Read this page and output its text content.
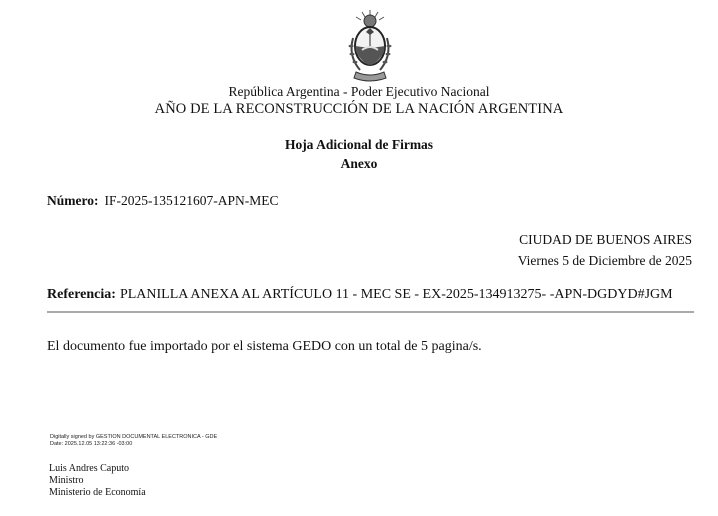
República Argentina - Poder Ejecutivo Nacional
AÑO DE LA RECONSTRUCCIÓN DE LA NACIÓN ARGENTINA
Hoja Adicional de Firmas
Anexo
Número: IF-2025-135121607-APN-MEC
CIUDAD DE BUENOS AIRES
Viernes 5 de Diciembre de 2025
Referencia: PLANILLA ANEXA AL ARTÍCULO 11 - MEC SE - EX-2025-134913275- -APN-DGDYD#JGM
El documento fue importado por el sistema GEDO con un total de 5 pagina/s.
Digitally signed by GESTION DOCUMENTAL ELECTRONICA - GDE
Date: 2025.12.05 13:22:36 -03:00
Luis Andres Caputo
Ministro
Ministerio de Economía
